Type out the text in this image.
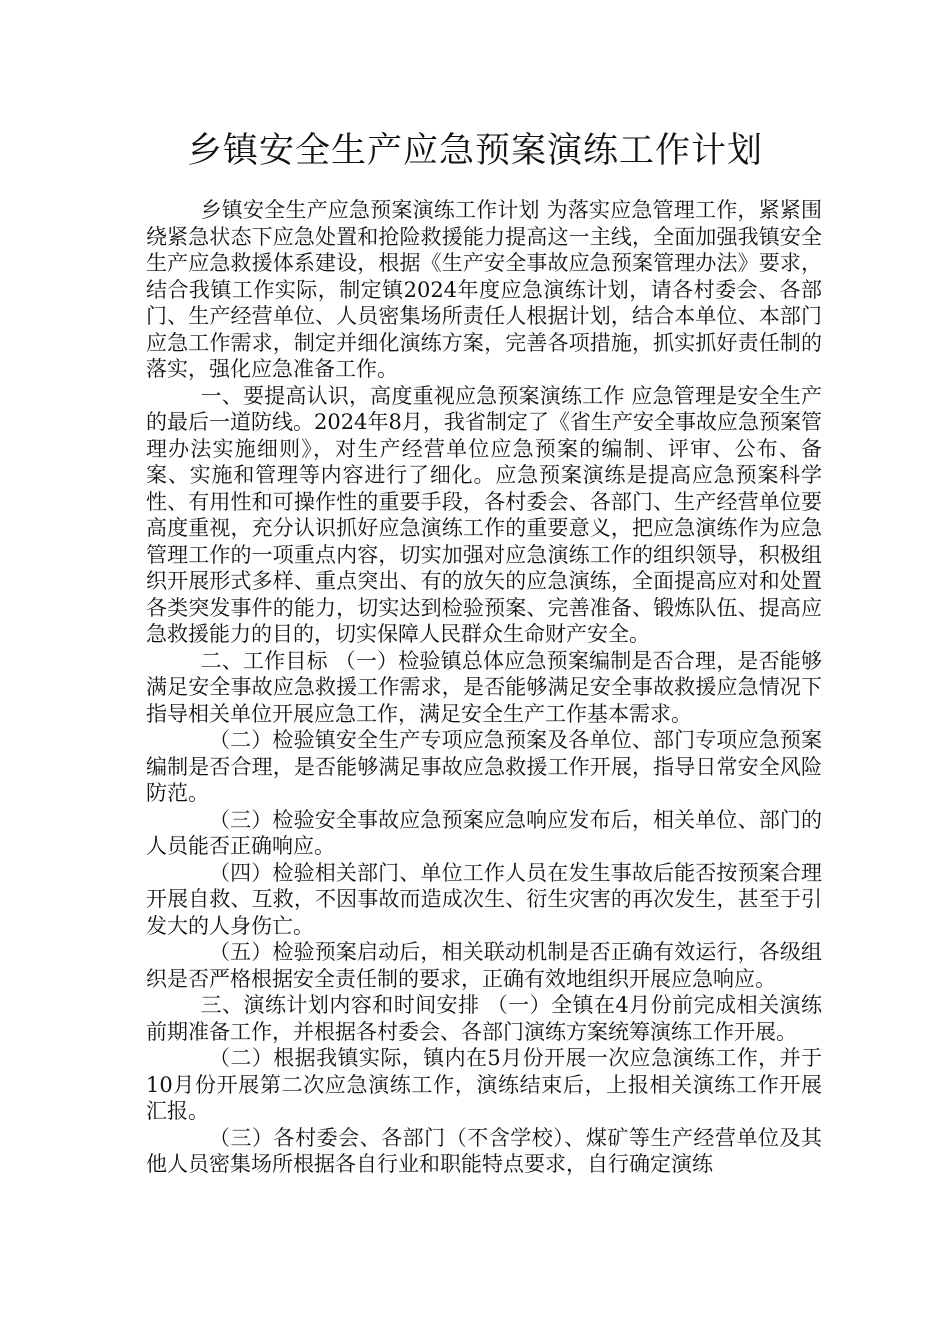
乡镇安全生产应急预案演练工作计划

乡镇安全生产应急预案演练工作计划 为落实应急管理工作，紧紧围绕紧急状态下应急处置和抢险救援能力提高这一主线，全面加强我镇安全生产应急救援体系建设，根据《生产安全事故应急预案管理办法》要求，结合我镇工作实际，制定镇2024年度应急演练计划，请各村委会、各部门、生产经营单位、人员密集场所责任人根据计划，结合本单位、本部门应急工作需求，制定并细化演练方案，完善各项措施，抓实抓好责任制的落实，强化应急准备工作。

一、要提高认识，高度重视应急预案演练工作 应急管理是安全生产的最后一道防线。2024年8月，我省制定了《省生产安全事故应急预案管理办法实施细则》，对生产经营单位应急预案的编制、评审、公布、备案、实施和管理等内容进行了细化。应急预案演练是提高应急预案科学性、有用性和可操作性的重要手段，各村委会、各部门、生产经营单位要高度重视，充分认识抓好应急演练工作的重要意义，把应急演练作为应急管理工作的一项重点内容，切实加强对应急演练工作的组织领导，积极组织开展形式多样、重点突出、有的放矢的应急演练，全面提高应对和处置各类突发事件的能力，切实达到检验预案、完善准备、锻炼队伍、提高应急救援能力的目的，切实保障人民群众生命财产安全。

二、工作目标 （一）检验镇总体应急预案编制是否合理，是否能够满足安全事故应急救援工作需求，是否能够满足安全事故救援应急情况下指导相关单位开展应急工作，满足安全生产工作基本需求。

（二）检验镇安全生产专项应急预案及各单位、部门专项应急预案编制是否合理，是否能够满足事故应急救援工作开展，指导日常安全风险防范。

（三）检验安全事故应急预案应急响应发布后，相关单位、部门的人员能否正确响应。

（四）检验相关部门、单位工作人员在发生事故后能否按预案合理开展自救、互救，不因事故而造成次生、衍生灾害的再次发生，甚至于引发大的人身伤亡。

（五）检验预案启动后，相关联动机制是否正确有效运行，各级组织是否严格根据安全责任制的要求，正确有效地组织开展应急响应。

三、演练计划内容和时间安排 （一）全镇在4月份前完成相关演练前期准备工作，并根据各村委会、各部门演练方案统筹演练工作开展。

（二）根据我镇实际，镇内在5月份开展一次应急演练工作，并于10月份开展第二次应急演练工作，演练结束后，上报相关演练工作开展汇报。

（三）各村委会、各部门（不含学校）、煤矿等生产经营单位及其他人员密集场所根据各自行业和职能特点要求，自行确定演练
